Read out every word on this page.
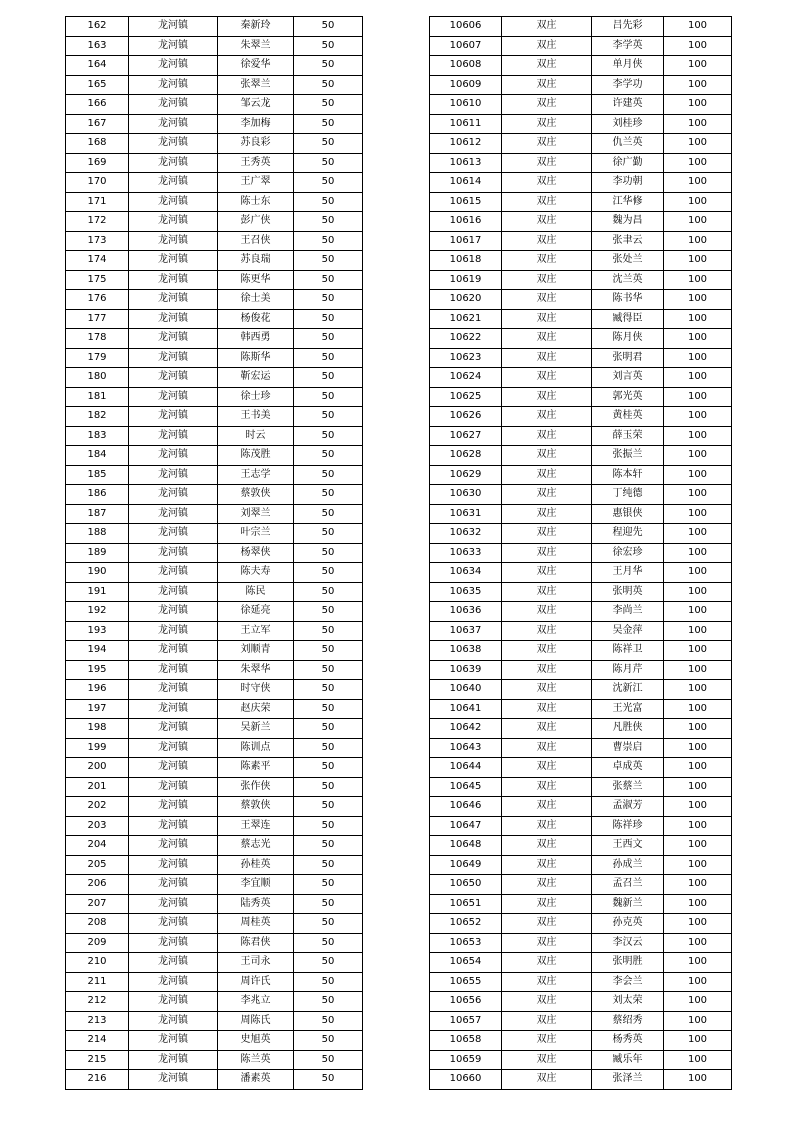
162	龙河镇	秦新玲	50
163	龙河镇	朱翠兰	50
164	龙河镇	徐爱华	50
165	龙河镇	张翠兰	50
166	龙河镇	邹云龙	50
167	龙河镇	李加梅	50
168	龙河镇	苏良彩	50
169	龙河镇	王秀英	50
170	龙河镇	王广翠	50
171	龙河镇	陈士东	50
172	龙河镇	彭广侠	50
173	龙河镇	王召侠	50
174	龙河镇	苏良瑞	50
175	龙河镇	陈更华	50
176	龙河镇	徐士美	50
177	龙河镇	杨俊花	50
178	龙河镇	韩西勇	50
179	龙河镇	陈斯华	50
180	龙河镇	靳宏运	50
181	龙河镇	徐士珍	50
182	龙河镇	王书美	50
183	龙河镇	时云	50
184	龙河镇	陈茂胜	50
185	龙河镇	王志学	50
186	龙河镇	蔡敦侠	50
187	龙河镇	刘翠兰	50
188	龙河镇	叶宗兰	50
189	龙河镇	杨翠侠	50
190	龙河镇	陈夫寿	50
191	龙河镇	陈民	50
192	龙河镇	徐延亮	50
193	龙河镇	王立军	50
194	龙河镇	刘顺青	50
195	龙河镇	朱翠华	50
196	龙河镇	时守侠	50
197	龙河镇	赵庆荣	50
198	龙河镇	吴新兰	50
199	龙河镇	陈训点	50
200	龙河镇	陈素平	50
201	龙河镇	张作侠	50
202	龙河镇	蔡敦侠	50
203	龙河镇	王翠连	50
204	龙河镇	蔡志光	50
205	龙河镇	孙桂英	50
206	龙河镇	李宜顺	50
207	龙河镇	陆秀英	50
208	龙河镇	周桂英	50
209	龙河镇	陈君侠	50
210	龙河镇	王司永	50
211	龙河镇	周许氏	50
212	龙河镇	李兆立	50
213	龙河镇	周陈氏	50
214	龙河镇	史旭英	50
215	龙河镇	陈兰英	50
216	龙河镇	潘素英	50
10606	双庄	吕先彩	100
10607	双庄	李学英	100
10608	双庄	单月侠	100
10609	双庄	李学功	100
10610	双庄	许建英	100
10611	双庄	刘桂珍	100
10612	双庄	仇兰英	100
10613	双庄	徐广勤	100
10614	双庄	李功朝	100
10615	双庄	江华修	100
10616	双庄	魏为昌	100
10617	双庄	张聿云	100
10618	双庄	张处兰	100
10619	双庄	沈兰英	100
10620	双庄	陈书华	100
10621	双庄	臧得臣	100
10622	双庄	陈月侠	100
10623	双庄	张明君	100
10624	双庄	刘言英	100
10625	双庄	郭光英	100
10626	双庄	黄桂英	100
10627	双庄	薛玉荣	100
10628	双庄	张振兰	100
10629	双庄	陈本轩	100
10630	双庄	丁纯德	100
10631	双庄	惠银侠	100
10632	双庄	程迎先	100
10633	双庄	徐宏珍	100
10634	双庄	王月华	100
10635	双庄	张明英	100
10636	双庄	李尚兰	100
10637	双庄	吴金萍	100
10638	双庄	陈祥卫	100
10639	双庄	陈月芹	100
10640	双庄	沈新江	100
10641	双庄	王光富	100
10642	双庄	凡胜侠	100
10643	双庄	曹崇启	100
10644	双庄	卓成英	100
10645	双庄	张蔡兰	100
10646	双庄	孟淑芳	100
10647	双庄	陈祥珍	100
10648	双庄	王西文	100
10649	双庄	孙成兰	100
10650	双庄	孟召兰	100
10651	双庄	魏新兰	100
10652	双庄	孙克英	100
10653	双庄	李汉云	100
10654	双庄	张明胜	100
10655	双庄	李会兰	100
10656	双庄	刘太荣	100
10657	双庄	蔡绍秀	100
10658	双庄	杨秀英	100
10659	双庄	臧乐年	100
10660	双庄	张泽兰	100
